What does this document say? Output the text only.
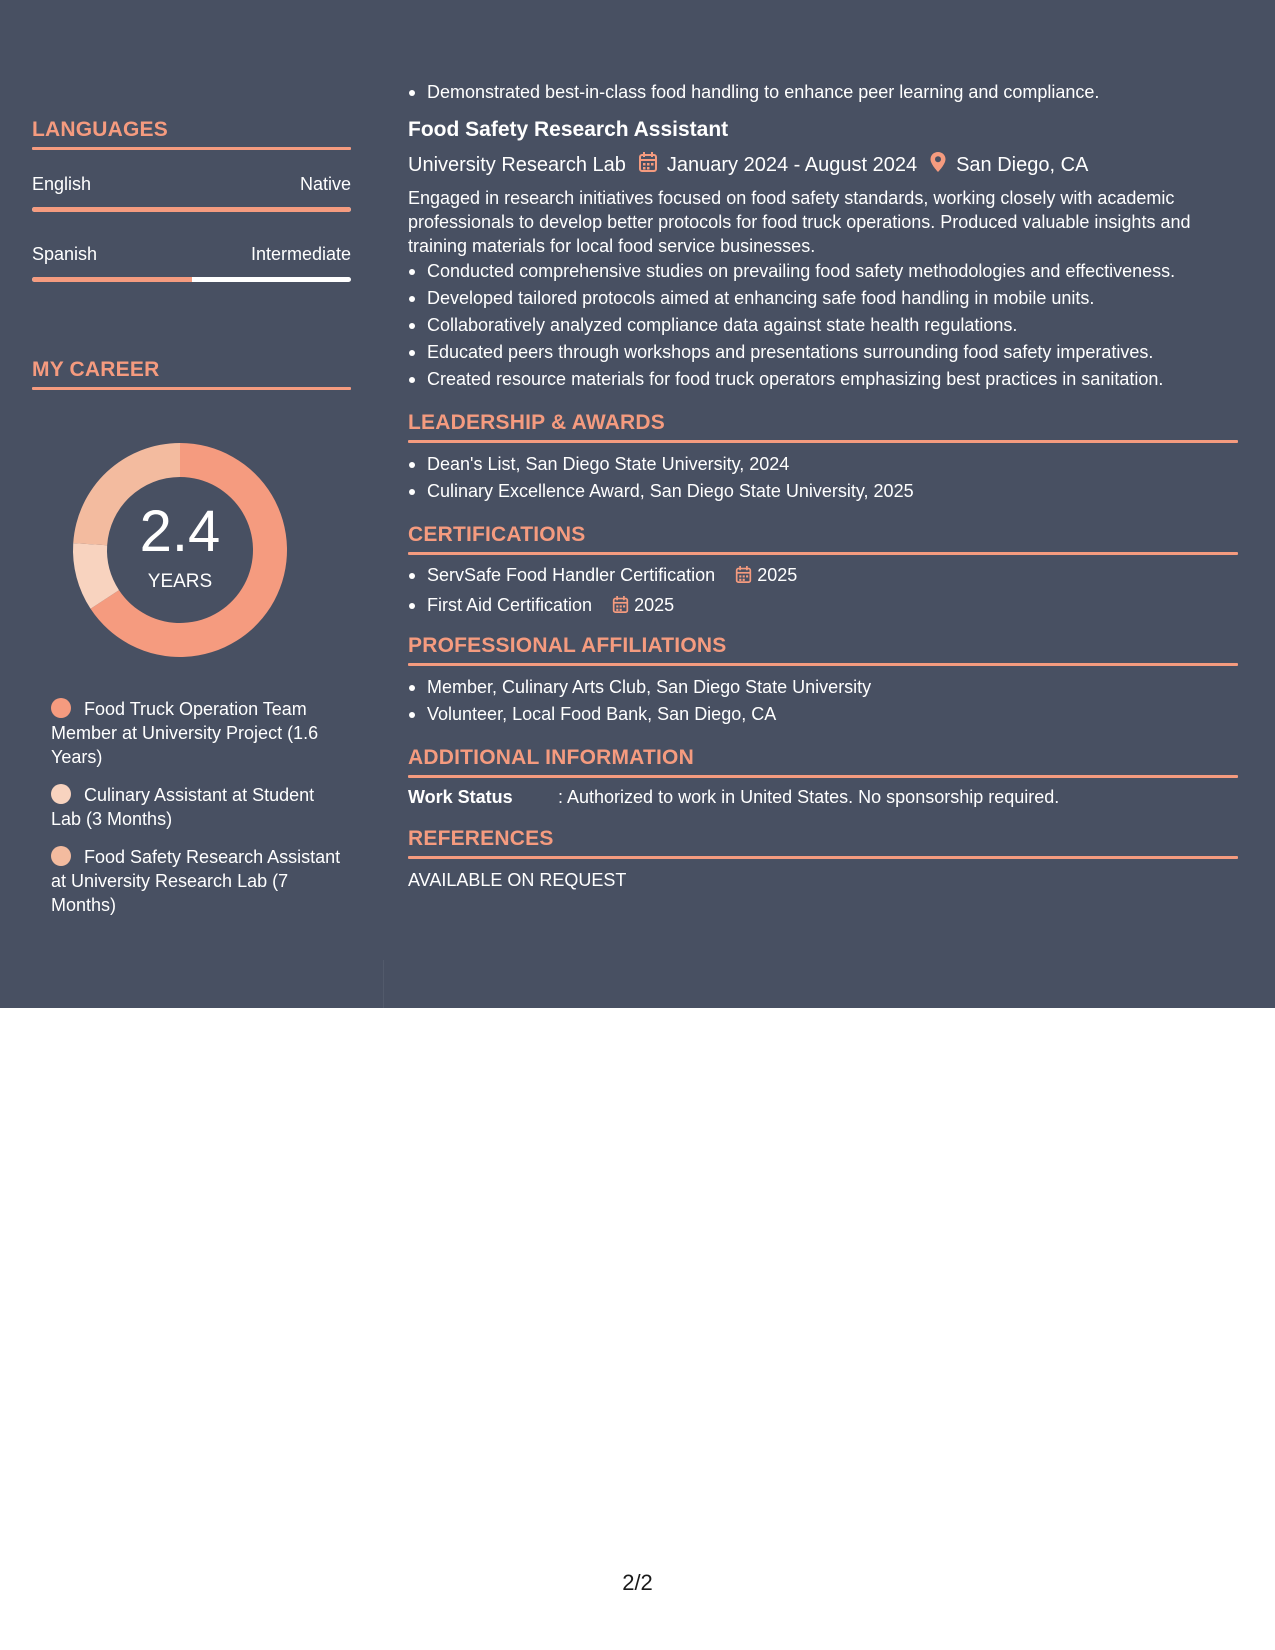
LANGUAGES
English	Native
Spanish	Intermediate
MY CAREER
2.4
YEARS
Food Truck Operation Team Member at University Project (1.6 Years)
Culinary Assistant at Student Lab (3 Months)
Food Safety Research Assistant at University Research Lab (7 Months)
Demonstrated best-in-class food handling to enhance peer learning and compliance.
Food Safety Research Assistant
University Research Lab January 2024 - August 2024 San Diego, CA
Engaged in research initiatives focused on food safety standards, working closely with academic professionals to develop better protocols for food truck operations. Produced valuable insights and training materials for local food service businesses.
Conducted comprehensive studies on prevailing food safety methodologies and effectiveness.
Developed tailored protocols aimed at enhancing safe food handling in mobile units.
Collaboratively analyzed compliance data against state health regulations.
Educated peers through workshops and presentations surrounding food safety imperatives.
Created resource materials for food truck operators emphasizing best practices in sanitation.
LEADERSHIP & AWARDS
Dean's List, San Diego State University, 2024
Culinary Excellence Award, San Diego State University, 2025
CERTIFICATIONS
ServSafe Food Handler Certification 2025
First Aid Certification 2025
PROFESSIONAL AFFILIATIONS
Member, Culinary Arts Club, San Diego State University
Volunteer, Local Food Bank, San Diego, CA
ADDITIONAL INFORMATION
Work Status	: Authorized to work in United States. No sponsorship required.
REFERENCES
AVAILABLE ON REQUEST
2/2
